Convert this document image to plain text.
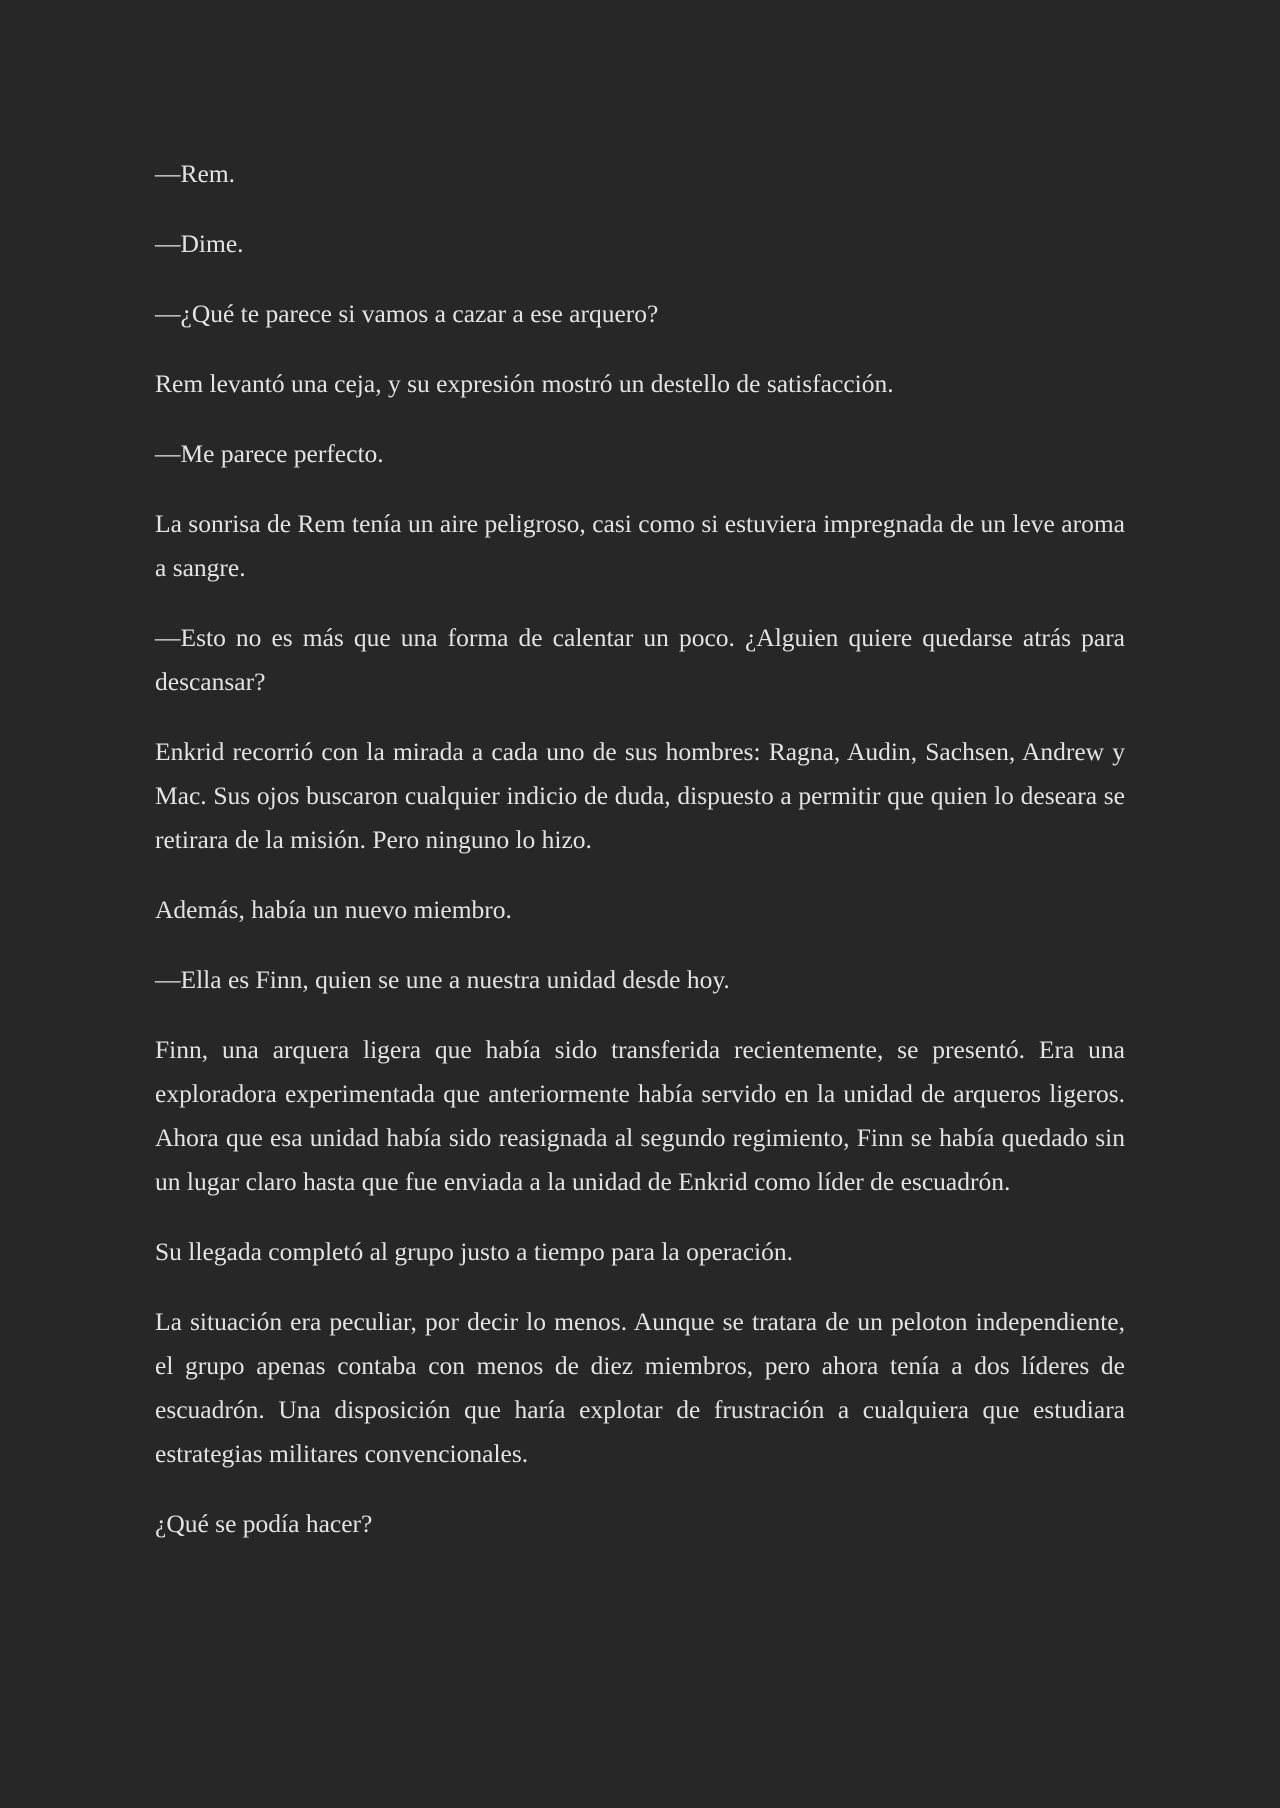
—Rem.

—Dime.

—¿Qué te parece si vamos a cazar a ese arquero?

Rem levantó una ceja, y su expresión mostró un destello de satisfacción.

—Me parece perfecto.

La sonrisa de Rem tenía un aire peligroso, casi como si estuviera impregnada de un leve aroma a sangre.

—Esto no es más que una forma de calentar un poco. ¿Alguien quiere quedarse atrás para descansar?

Enkrid recorrió con la mirada a cada uno de sus hombres: Ragna, Audin, Sachsen, Andrew y Mac. Sus ojos buscaron cualquier indicio de duda, dispuesto a permitir que quien lo deseara se retirara de la misión. Pero ninguno lo hizo.

Además, había un nuevo miembro.

—Ella es Finn, quien se une a nuestra unidad desde hoy.

Finn, una arquera ligera que había sido transferida recientemente, se presentó. Era una exploradora experimentada que anteriormente había servido en la unidad de arqueros ligeros. Ahora que esa unidad había sido reasignada al segundo regimiento, Finn se había quedado sin un lugar claro hasta que fue enviada a la unidad de Enkrid como líder de escuadrón.

Su llegada completó al grupo justo a tiempo para la operación.

La situación era peculiar, por decir lo menos. Aunque se tratara de un peloton independiente, el grupo apenas contaba con menos de diez miembros, pero ahora tenía a dos líderes de escuadrón. Una disposición que haría explotar de frustración a cualquiera que estudiara estrategias militares convencionales.

¿Qué se podía hacer?
